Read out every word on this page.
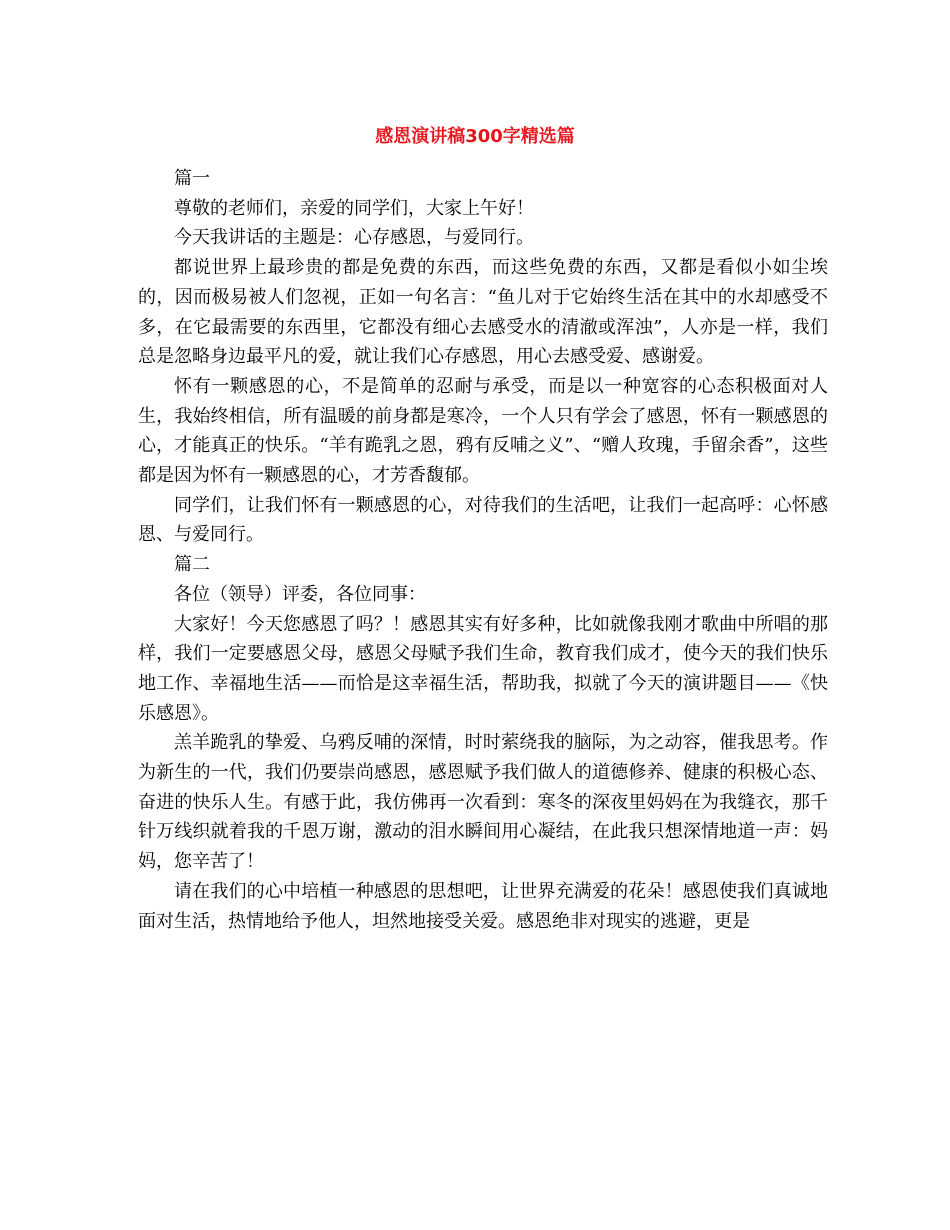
感恩演讲稿300字精选篇

篇一

尊敬的老师们，亲爱的同学们，大家上午好！

今天我讲话的主题是：心存感恩，与爱同行。

都说世界上最珍贵的都是免费的东西，而这些免费的东西，又都是看似小如尘埃的，因而极易被人们忽视，正如一句名言：“鱼儿对于它始终生活在其中的水却感受不多，在它最需要的东西里，它都没有细心去感受水的清澈或浑浊”，人亦是一样，我们总是忽略身边最平凡的爱，就让我们心存感恩，用心去感受爱、感谢爱。

怀有一颗感恩的心，不是简单的忍耐与承受，而是以一种宽容的心态积极面对人生，我始终相信，所有温暖的前身都是寒冷，一个人只有学会了感恩，怀有一颗感恩的心，才能真正的快乐。“羊有跪乳之恩，鸦有反哺之义”、“赠人玫瑰，手留余香”，这些都是因为怀有一颗感恩的心，才芳香馥郁。

同学们，让我们怀有一颗感恩的心，对待我们的生活吧，让我们一起高呼：心怀感恩、与爱同行。

篇二

各位（领导）评委，各位同事：

大家好！今天您感恩了吗？！感恩其实有好多种，比如就像我刚才歌曲中所唱的那样，我们一定要感恩父母，感恩父母赋予我们生命，教育我们成才，使今天的我们快乐地工作、幸福地生活——而恰是这幸福生活，帮助我，拟就了今天的演讲题目——《快乐感恩》。

羔羊跪乳的挚爱、乌鸦反哺的深情，时时萦绕我的脑际，为之动容，催我思考。作为新生的一代，我们仍要崇尚感恩，感恩赋予我们做人的道德修养、健康的积极心态、奋进的快乐人生。有感于此，我仿佛再一次看到：寒冬的深夜里妈妈在为我缝衣，那千针万线织就着我的千恩万谢，激动的泪水瞬间用心凝结，在此我只想深情地道一声：妈妈，您辛苦了！

请在我们的心中培植一种感恩的思想吧，让世界充满爱的花朵！感恩使我们真诚地面对生活，热情地给予他人，坦然地接受关爱。感恩绝非对现实的逃避，更是
